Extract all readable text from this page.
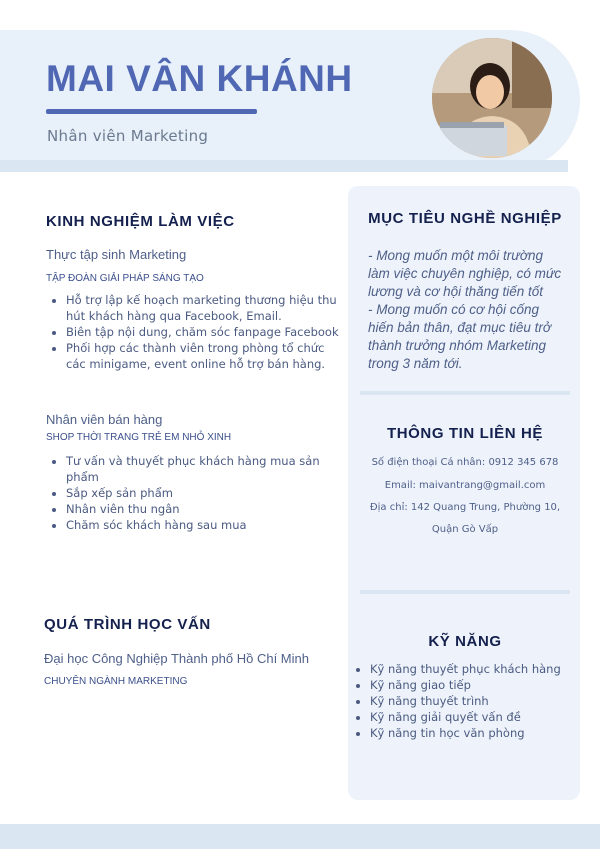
MAI VÂN KHÁNH
Nhân viên Marketing
KINH NGHIỆM LÀM VIỆC
Thực tập sinh Marketing
TẬP ĐOÀN GIẢI PHÁP SÁNG TẠO
• Hỗ trợ lập kế hoạch marketing thương hiệu thu hút khách hàng qua Facebook, Email.
• Biên tập nội dung, chăm sóc fanpage Facebook
• Phối hợp các thành viên trong phòng tổ chức các minigame, event online hỗ trợ bán hàng.
Nhân viên bán hàng
SHOP THỜI TRANG TRẺ EM NHỎ XINH
• Tư vấn và thuyết phục khách hàng mua sản phẩm
• Sắp xếp sản phẩm
• Nhân viên thu ngân
• Chăm sóc khách hàng sau mua
QUÁ TRÌNH HỌC VẤN
Đại học Công Nghiệp Thành phố Hồ Chí Minh
CHUYÊN NGÀNH MARKETING
MỤC TIÊU NGHỀ NGHIỆP

- Mong muốn một môi trường làm việc chuyên nghiệp, có mức lương và cơ hội thăng tiến tốt

- Mong muốn có cơ hội cống hiến bản thân, đạt mục tiêu trở thành trưởng nhóm Marketing trong 3 năm tới.

THÔNG TIN LIÊN HỆ
Số điện thoại Cá nhân: 0912 345 678
Email: maivantrang@gmail.com
Địa chỉ: 142 Quang Trung, Phường 10,
Quận Gò Vấp
KỸ NĂNG
• Kỹ năng thuyết phục khách hàng
• Kỹ năng giao tiếp
• Kỹ năng thuyết trình
• Kỹ năng giải quyết vấn đề
• Kỹ năng tin học văn phòng
